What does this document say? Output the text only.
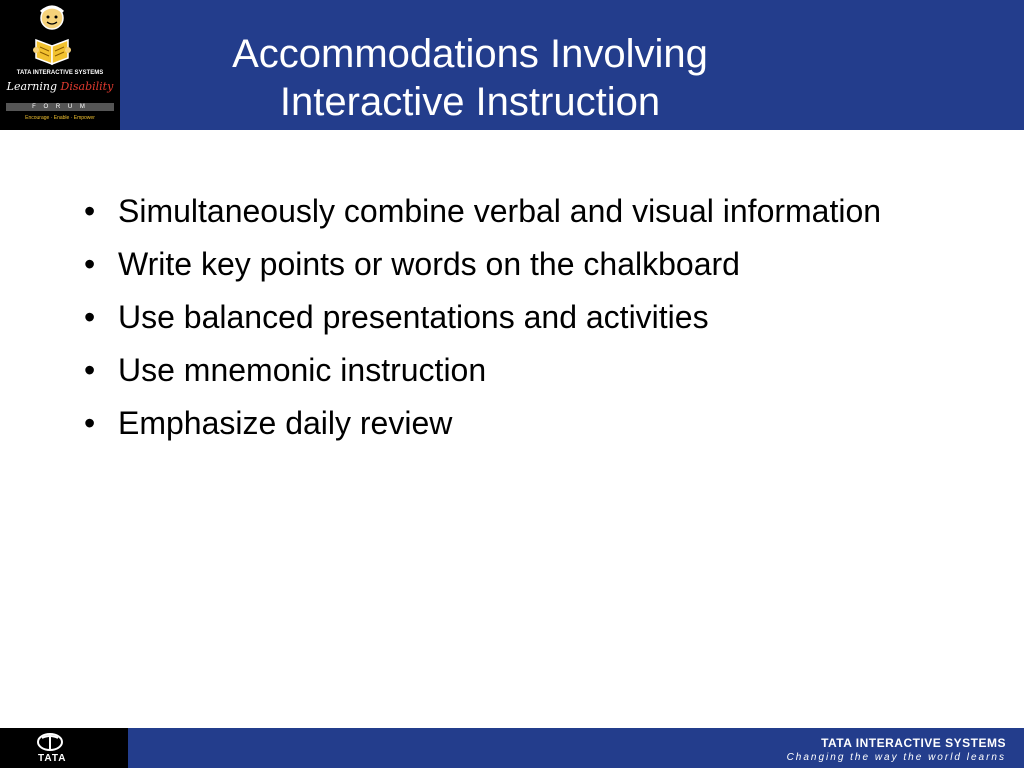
TATA INTERACTIVE SYSTEMS
Learning Disability
F O R U M
Encourage · Enable · Empower
Accommodations Involving
Interactive Instruction
• Simultaneously combine verbal and visual information
• Write key points or words on the chalkboard
• Use balanced presentations and activities
• Use mnemonic instruction
• Emphasize daily review
TATA
TATA INTERACTIVE SYSTEMS
Changing the way the world learns
